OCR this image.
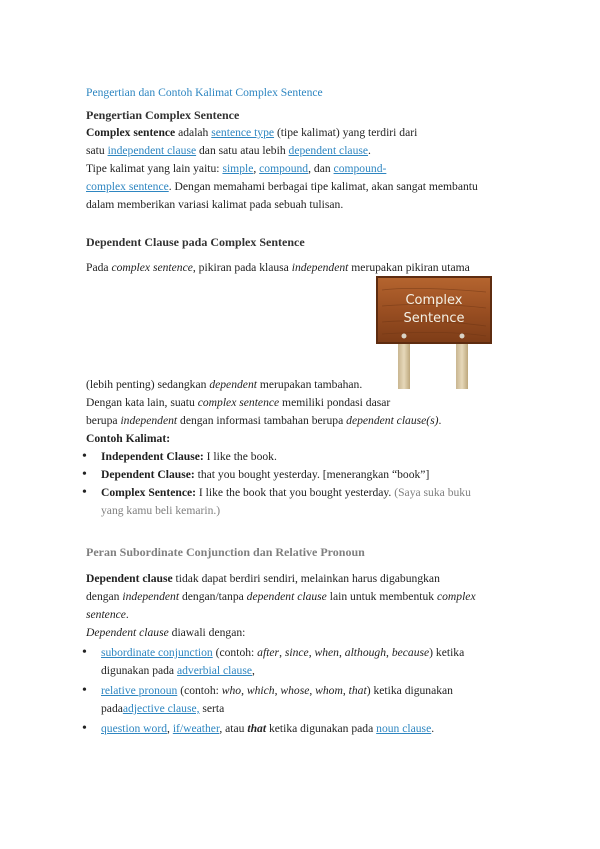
Pengertian dan Contoh Kalimat Complex Sentence
Pengertian Complex Sentence
Complex sentence adalah sentence type (tipe kalimat) yang terdiri dari
satu independent clause dan satu atau lebih dependent clause.
Tipe kalimat yang lain yaitu: simple, compound, dan compound-
complex sentence. Dengan memahami berbagai tipe kalimat, akan sangat membantu
dalam memberikan variasi kalimat pada sebuah tulisan.
Dependent Clause pada Complex Sentence
Pada complex sentence, pikiran pada klausa independent merupakan pikiran utama
Complex
Sentence
(lebih penting) sedangkan dependent merupakan tambahan.
Dengan kata lain, suatu complex sentence memiliki pondasi dasar
berupa independent dengan informasi tambahan berupa dependent clause(s).
Contoh Kalimat:
• Independent Clause: I like the book.
• Dependent Clause: that you bought yesterday. [menerangkan “book”]
• Complex Sentence: I like the book that you bought yesterday. (Saya suka buku
yang kamu beli kemarin.)
Peran Subordinate Conjunction dan Relative Pronoun
Dependent clause tidak dapat berdiri sendiri, melainkan harus digabungkan
dengan independent dengan/tanpa dependent clause lain untuk membentuk complex
sentence.
Dependent clause diawali dengan:
• subordinate conjunction (contoh: after, since, when, although, because) ketika
digunakan pada adverbial clause,
• relative pronoun (contoh: who, which, whose, whom, that) ketika digunakan
padaadjective clause, serta
• question word, if/weather, atau that ketika digunakan pada noun clause.
